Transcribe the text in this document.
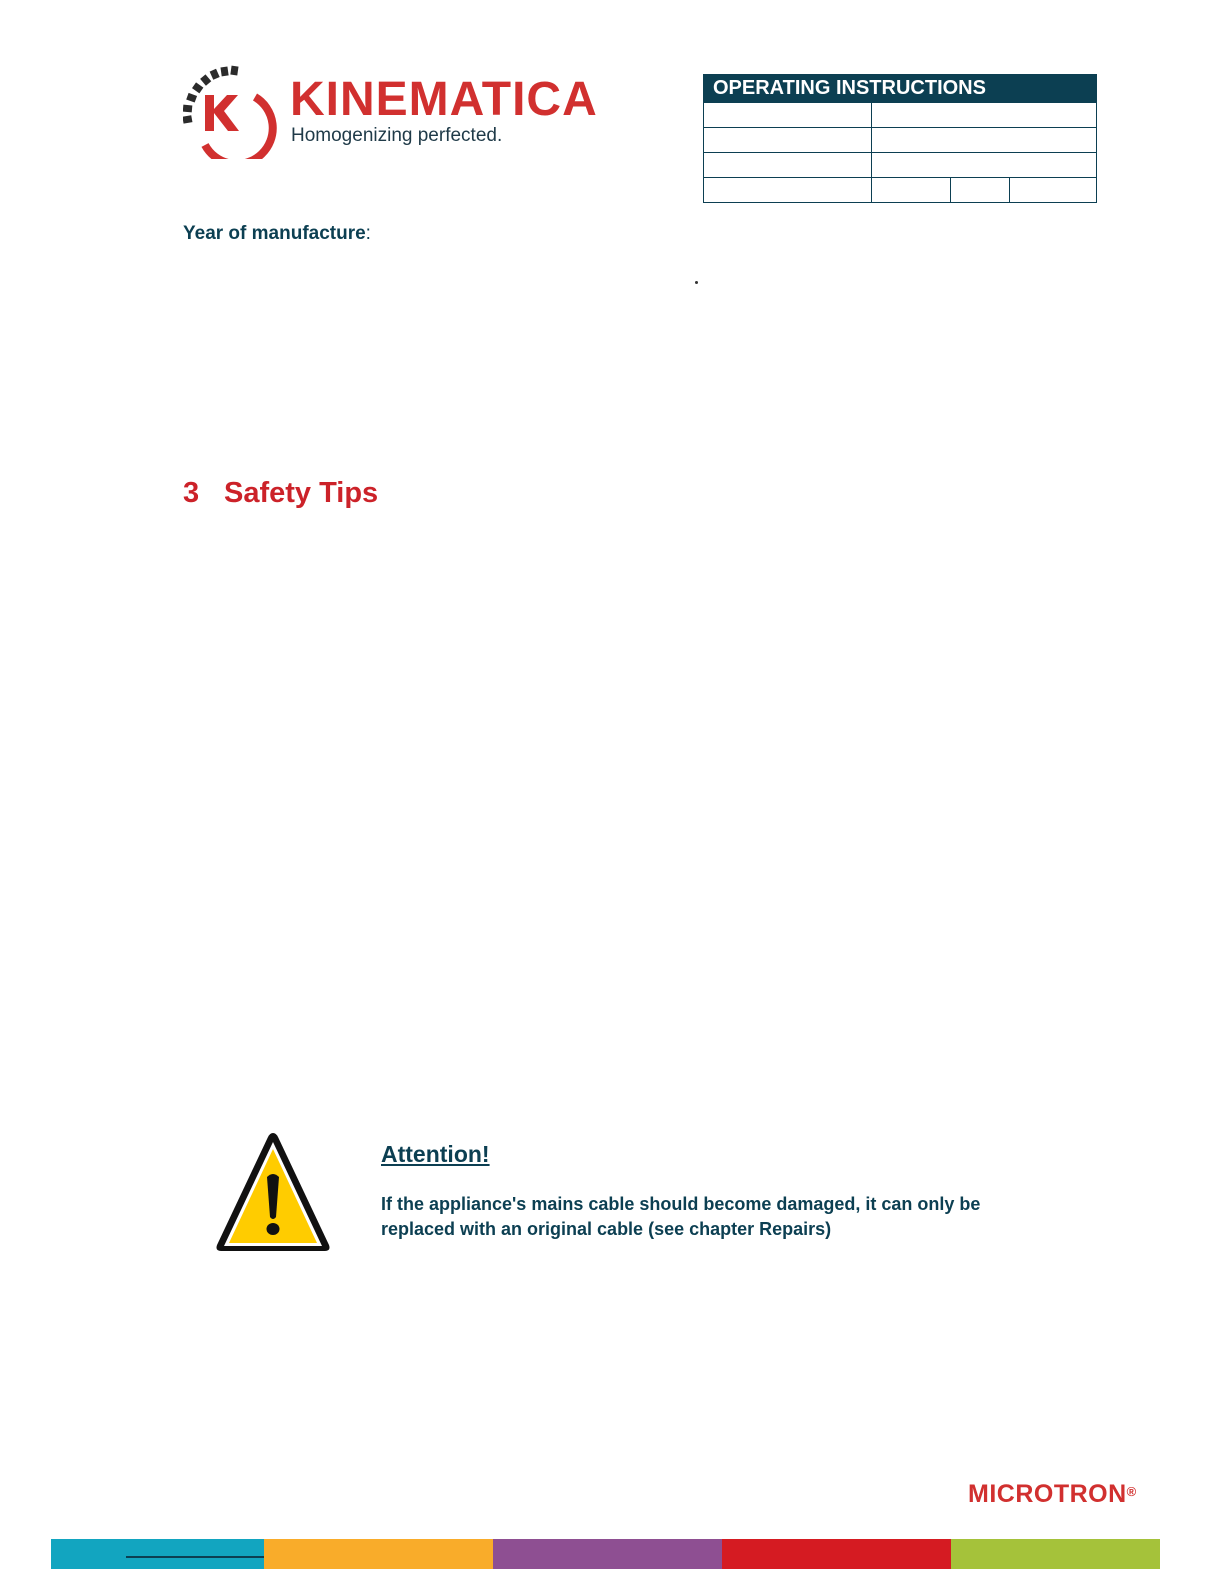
KINEMATICA
Homogenizing perfected.
OPERATING INSTRUCTIONS			

Year of manufacture:
3 Safety Tips
Attention!
If the appliance's mains cable should become damaged, it can only be replaced with an original cable (see chapter Repairs)
MICROTRON®
